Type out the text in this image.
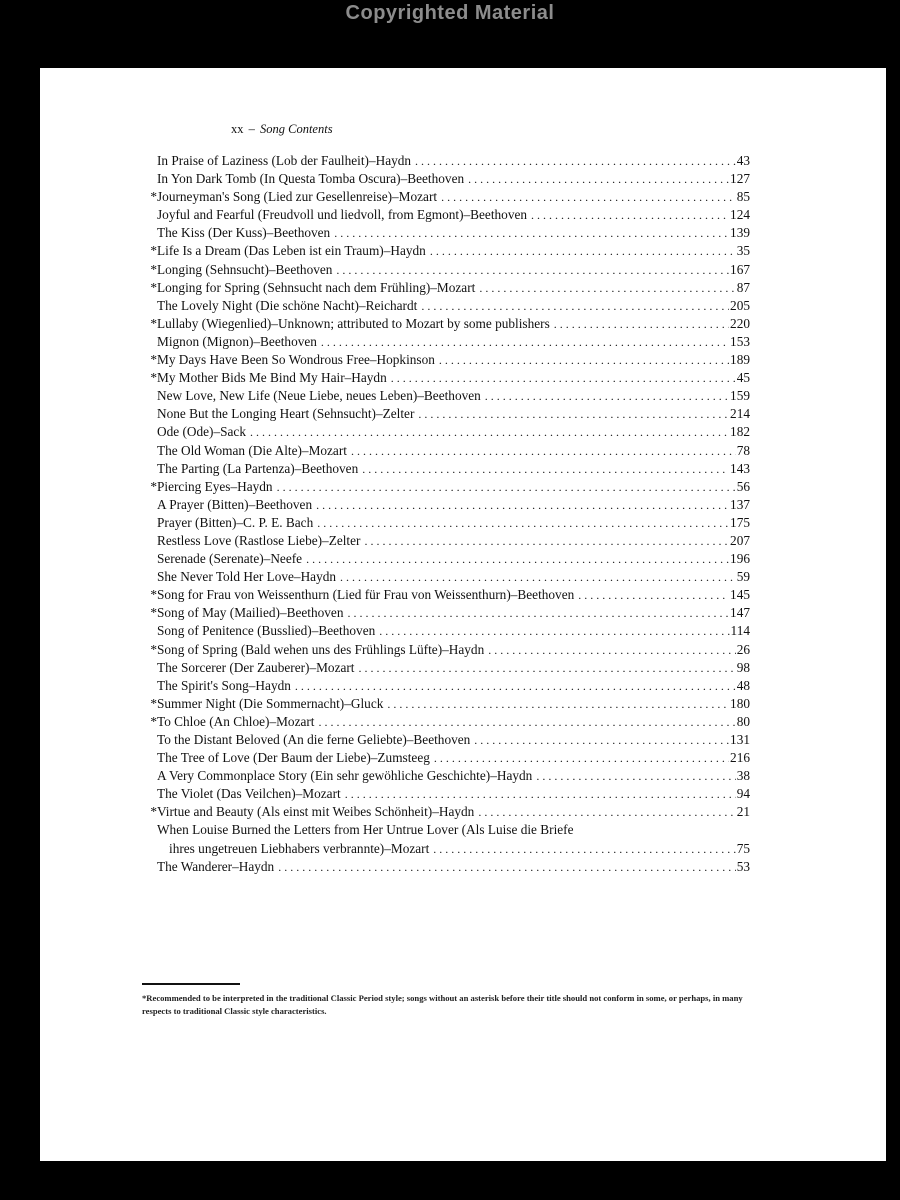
Copyrighted Material
xx – Song Contents
In Praise of Laziness (Lob der Faulheit)–Haydn . . .	43
In Yon Dark Tomb (In Questa Tomba Oscura)–Beethoven . . .	127
* Journeyman's Song (Lied zur Gesellenreise)–Mozart . . .	85
Joyful and Fearful (Freudvoll und liedvoll, from Egmont)–Beethoven . . .	124
The Kiss (Der Kuss)–Beethoven . . .	139
* Life Is a Dream (Das Leben ist ein Traum)–Haydn . . .	35
* Longing (Sehnsucht)–Beethoven . . .	167
* Longing for Spring (Sehnsucht nach dem Frühling)–Mozart . . .	87
The Lovely Night (Die schöne Nacht)–Reichardt . . .	205
* Lullaby (Wiegenlied)–Unknown; attributed to Mozart by some publishers . . .	220
Mignon (Mignon)–Beethoven . . .	153
* My Days Have Been So Wondrous Free–Hopkinson . . .	189
* My Mother Bids Me Bind My Hair–Haydn . . .	45
New Love, New Life (Neue Liebe, neues Leben)–Beethoven . . .	159
None But the Longing Heart (Sehnsucht)–Zelter . . .	214
Ode (Ode)–Sack . . .	182
The Old Woman (Die Alte)–Mozart . . .	78
The Parting (La Partenza)–Beethoven . . .	143
* Piercing Eyes–Haydn . . .	56
A Prayer (Bitten)–Beethoven . . .	137
Prayer (Bitten)–C. P. E. Bach . . .	175
Restless Love (Rastlose Liebe)–Zelter . . .	207
Serenade (Serenate)–Neefe . . .	196
She Never Told Her Love–Haydn . . .	59
* Song for Frau von Weissenthurn (Lied für Frau von Weissenthurn)–Beethoven . . .	145
* Song of May (Mailied)–Beethoven . . .	147
Song of Penitence (Busslied)–Beethoven . . .	114
* Song of Spring (Bald wehen uns des Frühlings Lüfte)–Haydn . . .	26
The Sorcerer (Der Zauberer)–Mozart . . .	98
The Spirit's Song–Haydn . . .	48
* Summer Night (Die Sommernacht)–Gluck . . .	180
* To Chloe (An Chloe)–Mozart . . .	80
To the Distant Beloved (An die ferne Geliebte)–Beethoven . . .	131
The Tree of Love (Der Baum der Liebe)–Zumsteeg . . .	216
A Very Commonplace Story (Ein sehr gewöhliche Geschichte)–Haydn . . .	38
The Violet (Das Veilchen)–Mozart . . .	94
* Virtue and Beauty (Als einst mit Weibes Schönheit)–Haydn . . .	21
When Louise Burned the Letters from Her Untrue Lover (Als Luise die Briefe
ihres ungetreuen Liebhabers verbrannte)–Mozart . . .	75
The Wanderer–Haydn . . .	53
*Recommended to be interpreted in the traditional Classic Period style; songs without an asterisk before their title should not conform in some, or perhaps, in many respects to traditional Classic style characteristics.
